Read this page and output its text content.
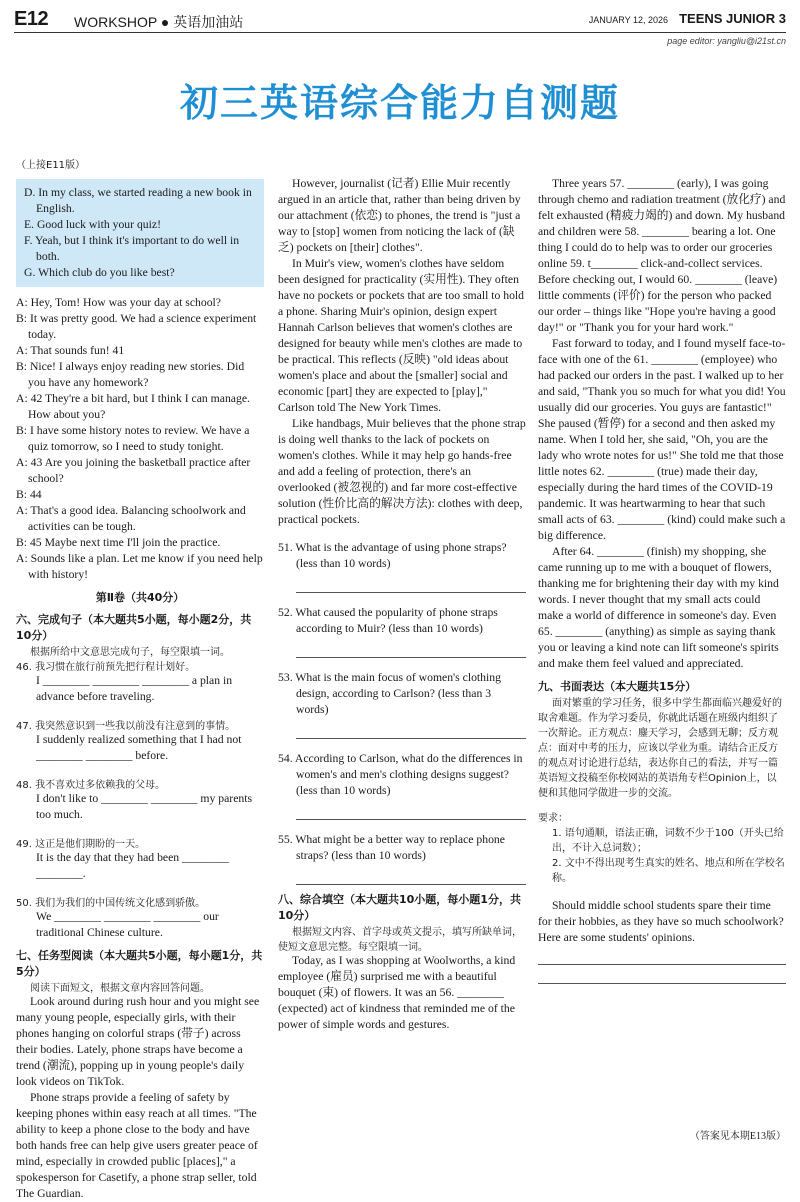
E12 WORKSHOP ● 英语加油站	JANUARY 12, 2026 TEENS JUNIOR 3
page editor: yangliu@i21st.cn
初三英语综合能力自测题

（上接E11版）

D. In my class, we started reading a new book in English.

E. Good luck with your quiz!

F. Yeah, but I think it's important to do well in both.

G. Which club do you like best?

A: Hey, Tom! How was your day at school?

B: It was pretty good. We had a science experiment today.

A: That sounds fun! 41

B: Nice! I always enjoy reading new stories. Did you have any homework?

A: 42 They're a bit hard, but I think I can manage. How about you?

B: I have some history notes to review. We have a quiz tomorrow, so I need to study tonight.

A: 43 Are you joining the basketball practice after school?

B: 44

A: That's a good idea. Balancing schoolwork and activities can be tough.

B: 45 Maybe next time I'll join the practice.

A: Sounds like a plan. Let me know if you need help with history!

第Ⅱ卷（共40分）

六、完成句子（本大题共5小题，每小题2分，共10分）

根据所给中文意思完成句子，每空限填一词。

46. 我习惯在旅行前预先把行程计划好。

I ________ ________ ________ a plan in advance before traveling.

47. 我突然意识到一些我以前没有注意到的事情。

I suddenly realized something that I had not ________ ________ before.

48. 我不喜欢过多依赖我的父母。

I don't like to ________ ________ my parents too much.

49. 这正是他们期盼的一天。

It is the day that they had been ________ ________.

50. 我们为我们的中国传统文化感到骄傲。

We ________ ________ ________ our traditional Chinese culture.

七、任务型阅读（本大题共5小题，每小题1分，共5分）

阅读下面短文，根据文章内容回答问题。

Look around during rush hour and you might see many young people, especially girls, with their phones hanging on colorful straps (带子) across their bodies. Lately, phone straps have become a trend (潮流), popping up in young people's daily look videos on TikTok.

Phone straps provide a feeling of safety by keeping phones within easy reach at all times. "The ability to keep a phone close to the body and have both hands free can help give users greater peace of mind, especially in crowded public [places]," a spokesperson for Casetify, a phone strap seller, told The Guardian.

However, journalist (记者) Ellie Muir recently argued in an article that, rather than being driven by our attachment (依恋) to phones, the trend is "just a way to [stop] women from noticing the lack of (缺乏) pockets on [their] clothes".

In Muir's view, women's clothes have seldom been designed for practicality (实用性). They often have no pockets or pockets that are too small to hold a phone. Sharing Muir's opinion, design expert Hannah Carlson believes that women's clothes are designed for beauty while men's clothes are made to be practical. This reflects (反映) "old ideas about women's place and about the [smaller] social and economic [part] they are expected to [play]," Carlson told The New York Times.

Like handbags, Muir believes that the phone strap is doing well thanks to the lack of pockets on women's clothes. While it may help go hands-free and add a feeling of protection, there's an overlooked (被忽视的) and far more cost-effective solution (性价比高的解决方法): clothes with deep, practical pockets.

51. What is the advantage of using phone straps? (less than 10 words)

52. What caused the popularity of phone straps according to Muir? (less than 10 words)

53. What is the main focus of women's clothing design, according to Carlson? (less than 3 words)

54. According to Carlson, what do the differences in women's and men's clothing designs suggest? (less than 10 words)

55. What might be a better way to replace phone straps? (less than 10 words)

八、综合填空（本大题共10小题，每小题1分，共10分）

根据短文内容、首字母或英文提示，填写所缺单词，使短文意思完整。每空限填一词。

Today, as I was shopping at Woolworths, a kind employee (雇员) surprised me with a beautiful bouquet (束) of flowers. It was an 56. ________ (expected) act of kindness that reminded me of the power of simple words and gestures.

Three years 57. ________ (early), I was going through chemo and radiation treatment (放化疗) and felt exhausted (精疲力竭的) and down. My husband and children were 58. ________ bearing a lot. One thing I could do to help was to order our groceries online 59. t________ click-and-collect services. Before checking out, I would 60. ________ (leave) little comments (评价) for the person who packed our order – things like "Hope you're having a good day!" or "Thank you for your hard work."

Fast forward to today, and I found myself face-to-face with one of the 61. ________ (employee) who had packed our orders in the past. I walked up to her and said, "Thank you so much for what you did! You usually did our groceries. You guys are fantastic!" She paused (暂停) for a second and then asked my name. When I told her, she said, "Oh, you are the lady who wrote notes for us!" She told me that those little notes 62. ________ (true) made their day, especially during the hard times of the COVID-19 pandemic. It was heartwarming to hear that such small acts of 63. ________ (kind) could make such a big difference.

After 64. ________ (finish) my shopping, she came running up to me with a bouquet of flowers, thanking me for brightening their day with my kind words. I never thought that my small acts could make a world of difference in someone's day. Even 65. ________ (anything) as simple as saying thank you or leaving a kind note can lift someone's spirits and make them feel valued and appreciated.

九、书面表达（本大题共15分）

面对繁重的学习任务，很多中学生都面临兴趣爱好的取舍难题。作为学习委员，你就此话题在班级内组织了一次辩论。正方观点：鏖天学习，会感到无聊；反方观点：面对中考的压力，应该以学业为重。请结合正反方的观点对讨论进行总结，表达你自己的看法，并写一篇英语短文投稿至你校网站的英语角专栏Opinion上，以便和其他同学做进一步的交流。

要求：

1. 语句通顺，语法正确，词数不少于100（开头已给出，不计入总词数）；

2. 文中不得出现考生真实的姓名、地点和所在学校名称。

Should middle school students spare their time for their hobbies, as they have so much schoolwork? Here are some students' opinions.

（答案见本期E13版）
